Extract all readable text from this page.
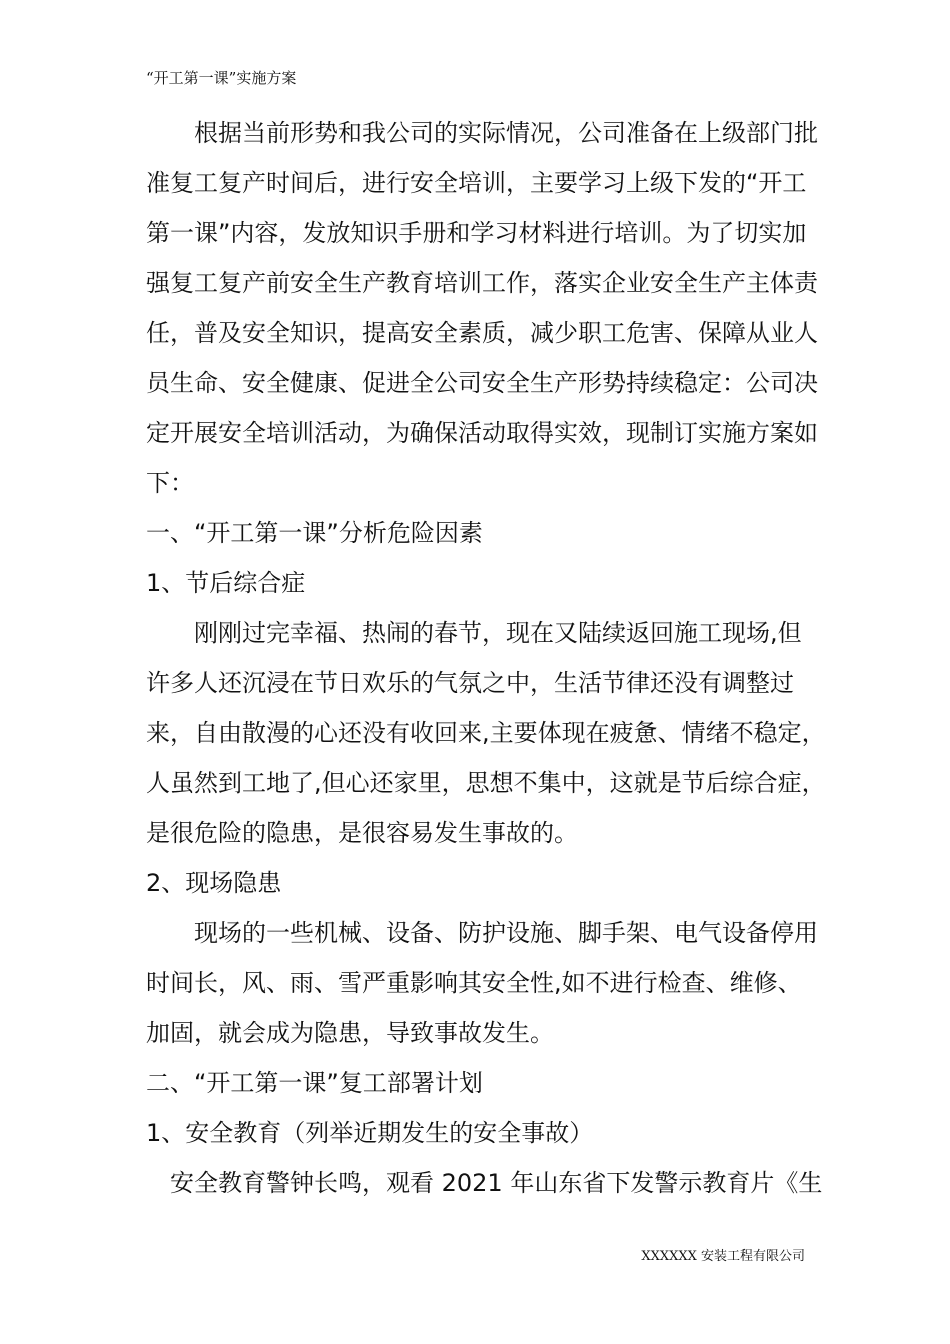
“开工第一课”实施方案
根据当前形势和我公司的实际情况，公司准备在上级部门批
准复工复产时间后，进行安全培训，主要学习上级下发的“开工
第一课”内容，发放知识手册和学习材料进行培训。为了切实加
强复工复产前安全生产教育培训工作，落实企业安全生产主体责
任，普及安全知识，提高安全素质，减少职工危害、保障从业人
员生命、安全健康、促进全公司安全生产形势持续稳定：公司决
定开展安全培训活动，为确保活动取得实效，现制订实施方案如
下：
一、“开工第一课”分析危险因素
1、节后综合症
刚刚过完幸福、热闹的春节，现在又陆续返回施工现场,但
许多人还沉浸在节日欢乐的气氛之中，生活节律还没有调整过
来，自由散漫的心还没有收回来,主要体现在疲惫、情绪不稳定，
人虽然到工地了,但心还家里，思想不集中，这就是节后综合症，
是很危险的隐患，是很容易发生事故的。
2、现场隐患
现场的一些机械、设备、防护设施、脚手架、电气设备停用
时间长，风、雨、雪严重影响其安全性,如不进行检查、维修、
加固，就会成为隐患，导致事故发生。
二、“开工第一课”复工部署计划
1、安全教育（列举近期发生的安全事故）
安全教育警钟长鸣，观看 2021 年山东省下发警示教育片《生
XXXXXX 安装工程有限公司
